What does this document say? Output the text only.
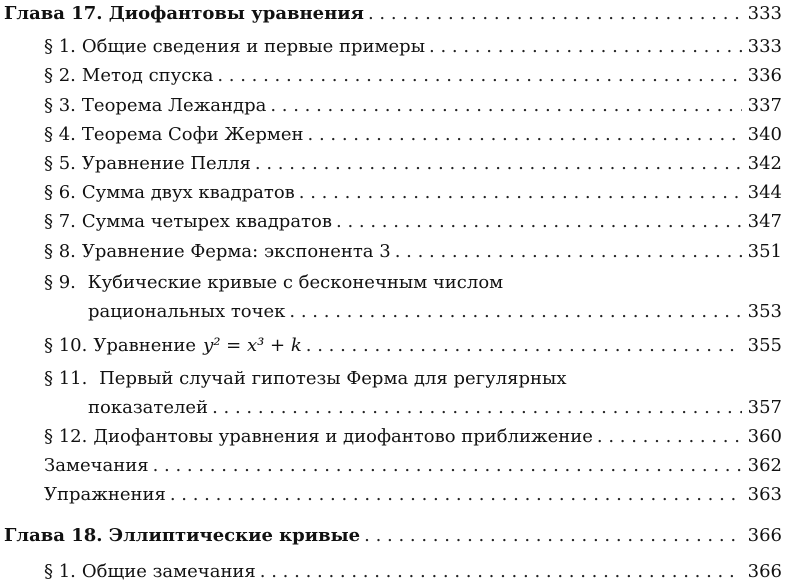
Глава 17. Диофантовы уравнения . . .	333
§ 1. Общие сведения и первые примеры . . .	333
§ 2. Метод спуска . . .	336
§ 3. Теорема Лежандра . . .	337
§ 4. Теорема Софи Жермен . . .	340
§ 5. Уравнение Пелля . . .	342
§ 6. Сумма двух квадратов . . .	344
§ 7. Сумма четырех квадратов . . .	347
§ 8. Уравнение Ферма: экспонента 3 . . .	351
§ 9. Кубические кривые с бесконечным числом
рациональных точек . . .	353
§ 10. Уравнение y² = x³ + k . . .	355
§ 11. Первый случай гипотезы Ферма для регулярных
показателей . . .	357
§ 12. Диофантовы уравнения и диофантово приближение . . .	360
Замечания . . .	362
Упражнения . . .	363
Глава 18. Эллиптические кривые . . .	366
§ 1. Общие замечания . . .	366
